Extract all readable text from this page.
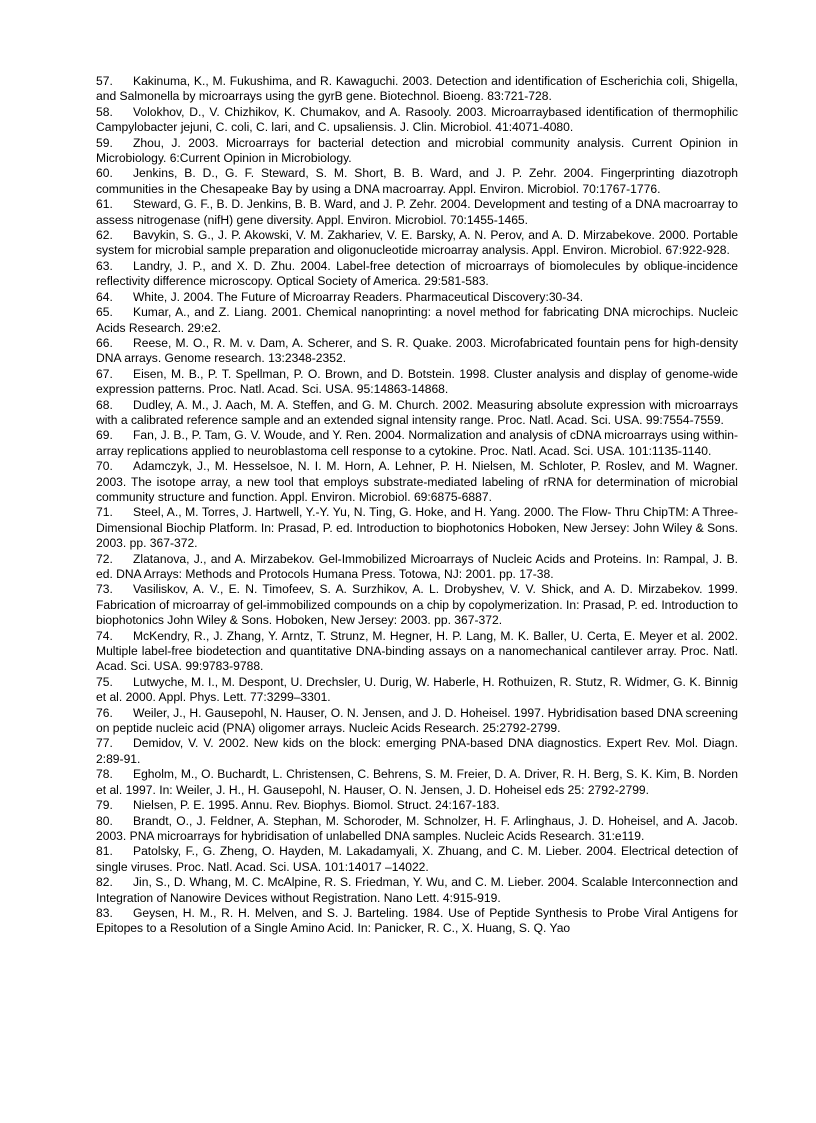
57. Kakinuma, K., M. Fukushima, and R. Kawaguchi. 2003. Detection and identification of Escherichia coli, Shigella, and Salmonella by microarrays using the gyrB gene. Biotechnol. Bioeng. 83:721-728.

58. Volokhov, D., V. Chizhikov, K. Chumakov, and A. Rasooly. 2003. Microarraybased identification of thermophilic Campylobacter jejuni, C. coli, C. lari, and C. upsaliensis. J. Clin. Microbiol. 41:4071-4080.

59. Zhou, J. 2003. Microarrays for bacterial detection and microbial community analysis. Current Opinion in Microbiology. 6:Current Opinion in Microbiology.

60. Jenkins, B. D., G. F. Steward, S. M. Short, B. B. Ward, and J. P. Zehr. 2004. Fingerprinting diazotroph communities in the Chesapeake Bay by using a DNA macroarray. Appl. Environ. Microbiol. 70:1767-1776.

61. Steward, G. F., B. D. Jenkins, B. B. Ward, and J. P. Zehr. 2004. Development and testing of a DNA macroarray to assess nitrogenase (nifH) gene diversity. Appl. Environ. Microbiol. 70:1455-1465.

62. Bavykin, S. G., J. P. Akowski, V. M. Zakhariev, V. E. Barsky, A. N. Perov, and A. D. Mirzabekove. 2000. Portable system for microbial sample preparation and oligonucleotide microarray analysis. Appl. Environ. Microbiol. 67:922-928.

63. Landry, J. P., and X. D. Zhu. 2004. Label-free detection of microarrays of biomolecules by oblique-incidence reflectivity difference microscopy. Optical Society of America. 29:581-583.

64. White, J. 2004. The Future of Microarray Readers. Pharmaceutical Discovery:30-34.

65. Kumar, A., and Z. Liang. 2001. Chemical nanoprinting: a novel method for fabricating DNA microchips. Nucleic Acids Research. 29:e2.

66. Reese, M. O., R. M. v. Dam, A. Scherer, and S. R. Quake. 2003. Microfabricated fountain pens for high-density DNA arrays. Genome research. 13:2348-2352.

67. Eisen, M. B., P. T. Spellman, P. O. Brown, and D. Botstein. 1998. Cluster analysis and display of genome-wide expression patterns. Proc. Natl. Acad. Sci. USA. 95:14863-14868.

68. Dudley, A. M., J. Aach, M. A. Steffen, and G. M. Church. 2002. Measuring absolute expression with microarrays with a calibrated reference sample and an extended signal intensity range. Proc. Natl. Acad. Sci. USA. 99:7554-7559.

69. Fan, J. B., P. Tam, G. V. Woude, and Y. Ren. 2004. Normalization and analysis of cDNA microarrays using within-array replications applied to neuroblastoma cell response to a cytokine. Proc. Natl. Acad. Sci. USA. 101:1135-1140.

70. Adamczyk, J., M. Hesselsoe, N. I. M. Horn, A. Lehner, P. H. Nielsen, M. Schloter, P. Roslev, and M. Wagner. 2003. The isotope array, a new tool that employs substrate-mediated labeling of rRNA for determination of microbial community structure and function. Appl. Environ. Microbiol. 69:6875-6887.

71. Steel, A., M. Torres, J. Hartwell, Y.-Y. Yu, N. Ting, G. Hoke, and H. Yang. 2000. The Flow- Thru ChipTM: A Three-Dimensional Biochip Platform. In: Prasad, P. ed. Introduction to biophotonics Hoboken, New Jersey: John Wiley & Sons. 2003. pp. 367-372.

72. Zlatanova, J., and A. Mirzabekov. Gel-Immobilized Microarrays of Nucleic Acids and Proteins. In: Rampal, J. B. ed. DNA Arrays: Methods and Protocols Humana Press. Totowa, NJ: 2001. pp. 17-38.

73. Vasiliskov, A. V., E. N. Timofeev, S. A. Surzhikov, A. L. Drobyshev, V. V. Shick, and A. D. Mirzabekov. 1999. Fabrication of microarray of gel-immobilized compounds on a chip by copolymerization. In: Prasad, P. ed. Introduction to biophotonics John Wiley & Sons. Hoboken, New Jersey: 2003. pp. 367-372.

74. McKendry, R., J. Zhang, Y. Arntz, T. Strunz, M. Hegner, H. P. Lang, M. K. Baller, U. Certa, E. Meyer et al. 2002. Multiple label-free biodetection and quantitative DNA-binding assays on a nanomechanical cantilever array. Proc. Natl. Acad. Sci. USA. 99:9783-9788.

75. Lutwyche, M. I., M. Despont, U. Drechsler, U. Durig, W. Haberle, H. Rothuizen, R. Stutz, R. Widmer, G. K. Binnig et al. 2000. Appl. Phys. Lett. 77:3299–3301.

76. Weiler, J., H. Gausepohl, N. Hauser, O. N. Jensen, and J. D. Hoheisel. 1997. Hybridisation based DNA screening on peptide nucleic acid (PNA) oligomer arrays. Nucleic Acids Research. 25:2792-2799.

77. Demidov, V. V. 2002. New kids on the block: emerging PNA-based DNA diagnostics. Expert Rev. Mol. Diagn. 2:89-91.

78. Egholm, M., O. Buchardt, L. Christensen, C. Behrens, S. M. Freier, D. A. Driver, R. H. Berg, S. K. Kim, B. Norden et al. 1997. In: Weiler, J. H., H. Gausepohl, N. Hauser, O. N. Jensen, J. D. Hoheisel eds 25: 2792-2799.

79. Nielsen, P. E. 1995. Annu. Rev. Biophys. Biomol. Struct. 24:167-183.

80. Brandt, O., J. Feldner, A. Stephan, M. Schoroder, M. Schnolzer, H. F. Arlinghaus, J. D. Hoheisel, and A. Jacob. 2003. PNA microarrays for hybridisation of unlabelled DNA samples. Nucleic Acids Research. 31:e119.

81. Patolsky, F., G. Zheng, O. Hayden, M. Lakadamyali, X. Zhuang, and C. M. Lieber. 2004. Electrical detection of single viruses. Proc. Natl. Acad. Sci. USA. 101:14017 –14022.

82. Jin, S., D. Whang, M. C. McAlpine, R. S. Friedman, Y. Wu, and C. M. Lieber. 2004. Scalable Interconnection and Integration of Nanowire Devices without Registration. Nano Lett. 4:915-919.

83. Geysen, H. M., R. H. Melven, and S. J. Barteling. 1984. Use of Peptide Synthesis to Probe Viral Antigens for Epitopes to a Resolution of a Single Amino Acid. In: Panicker, R. C., X. Huang, S. Q. Yao
